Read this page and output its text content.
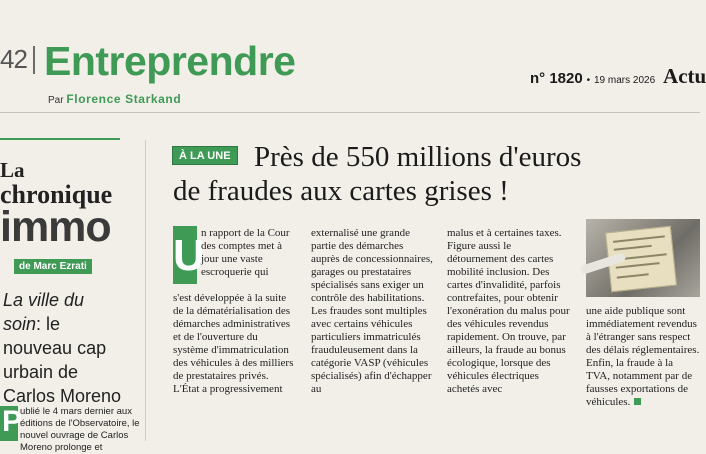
42 Entreprendre
Par Florence Starkand
n° 1820 • 19 mars 2026 Actu
La
chronique
immo
de Marc Ezrati
La ville du soin: le nouveau cap urbain de Carlos Moreno
P
ublié le 4 mars dernier aux éditions de l'Observatoire, le nouvel ouvrage de Carlos Moreno prolonge et
À LA UNE Près de 550 millions d'euros
de fraudes aux cartes grises !
U

n rapport de la Cour des comptes met à jour une vaste escroquerie qui

s'est développée à la suite de la dématérialisation des démarches administratives et de l'ouverture du système d'immatriculation des véhicules à des milliers de prestataires privés. L'État a progressivement

externalisé une grande partie des démarches auprès de concessionnaires, garages ou prestataires spécialisés sans exiger un contrôle des habilitations. Les fraudes sont multiples avec certains véhicules particuliers immatriculés frauduleusement dans la catégorie VASP (véhicules spécialisés) afin d'échapper au

malus et à certaines taxes. Figure aussi le détournement des cartes mobilité inclusion. Des cartes d'invalidité, parfois contrefaites, pour obtenir l'exonération du malus pour des véhicules revendus rapidement. On trouve, par ailleurs, la fraude au bonus écologique, lorsque des véhicules électriques achetés avec

une aide publique sont
immédiatement revendus
à l'étranger sans respect
des délais réglementaires.
Enfin, la fraude à la
TVA, notamment par de
fausses exportations de
véhicules.
